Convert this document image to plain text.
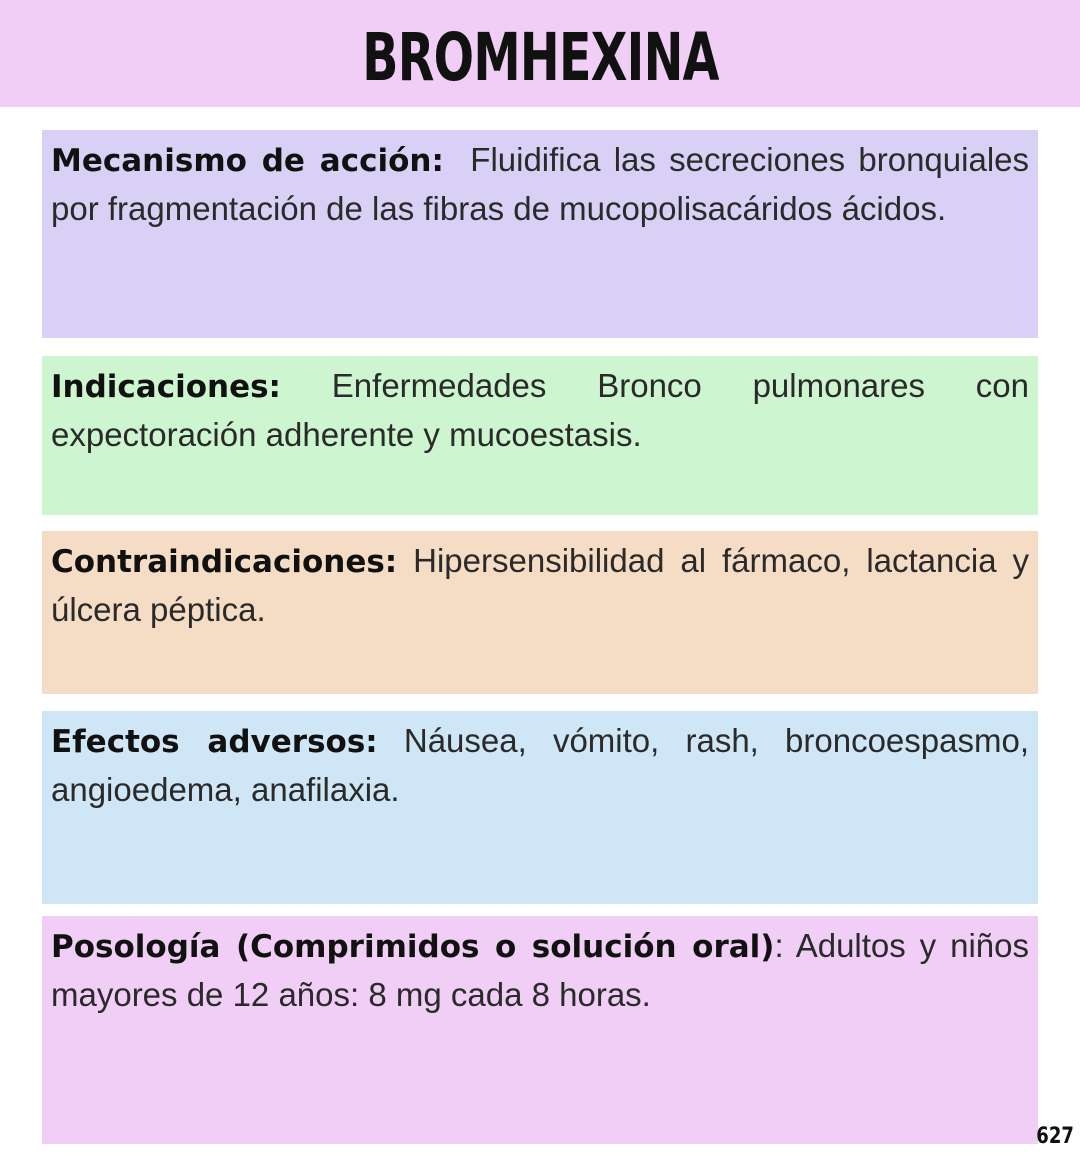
BROMHEXINA

Mecanismo de acción: Fluidifica las secreciones bronquiales por fragmentación de las fibras de mucopolisacáridos ácidos.

Indicaciones: Enfermedades Bronco pulmonares con expectoración adherente y mucoestasis.

Contraindicaciones: Hipersensibilidad al fármaco, lactancia y úlcera péptica.

Efectos adversos: Náusea, vómito, rash, broncoespasmo, angioedema, anafilaxia.

Posología (Comprimidos o solución oral): Adultos y niños mayores de 12 años: 8 mg cada 8 horas.

627
